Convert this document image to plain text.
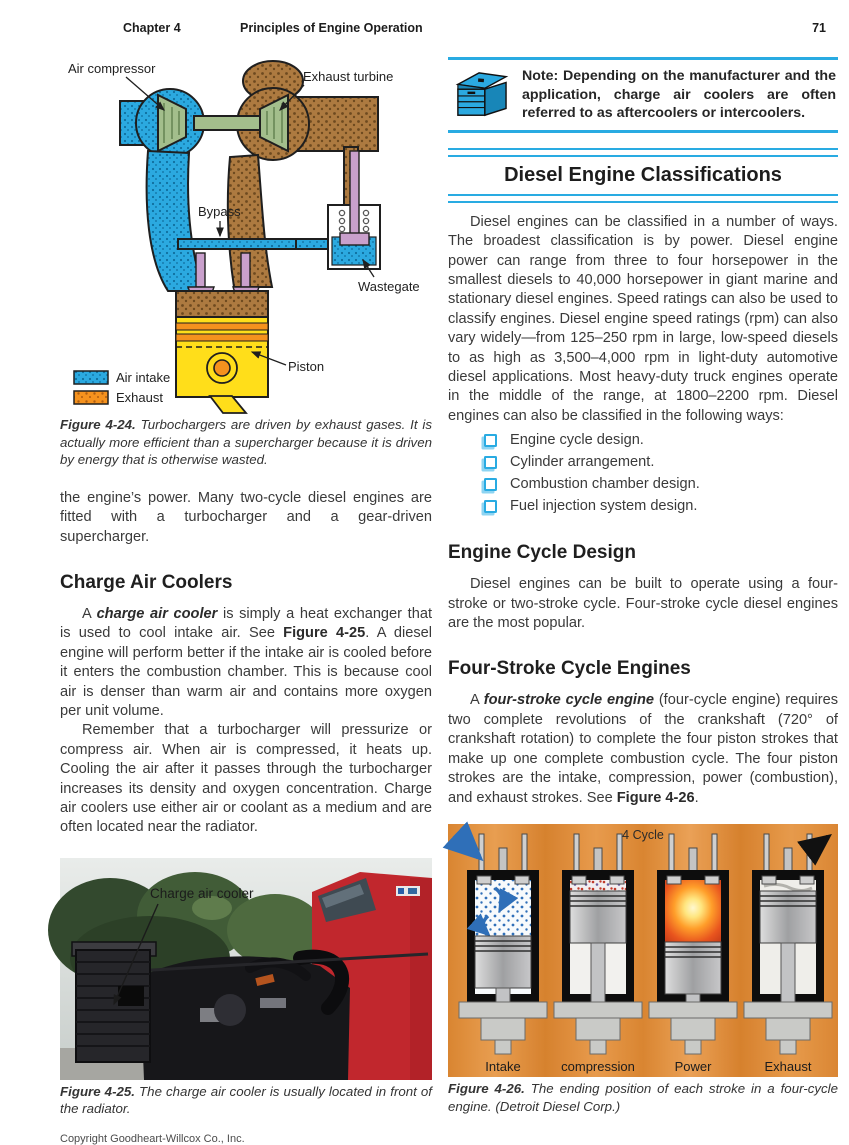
Chapter 4	Principles of Engine Operation	71
Air compressor
Exhaust turbine
Bypass
Wastegate
Piston
Air intake
Exhaust
Figure 4-24. Turbochargers are driven by exhaust gases. It is actually more efficient than a supercharger because it is driven by energy that is otherwise wasted.

the engine’s power. Many two-cycle diesel engines are fitted with a turbocharger and a gear-driven supercharger.

Charge Air Coolers

A charge air cooler is simply a heat exchanger that is used to cool intake air. See Figure 4-25. A diesel engine will perform better if the intake air is cooled before it enters the combustion chamber. This is because cool air is denser than warm air and contains more oxygen per unit volume.

Remember that a turbocharger will pressurize or compress air. When air is compressed, it heats up. Cooling the air after it passes through the turbocharger increases its density and oxygen concentration. Charge air coolers use either air or coolant as a medium and are often located near the radiator.

Charge air cooler
Figure 4-25. The charge air cooler is usually located in front of the radiator.
Copyright Goodheart-Willcox Co., Inc.
Note: Depending on the manufacturer and the application, charge air coolers are often referred to as aftercoolers or intercoolers.
Diesel Engine Classifications

Diesel engines can be classified in a number of ways. The broadest classification is by power. Diesel engine power can range from three to four horsepower in the smallest diesels to 40,000 horsepower in giant marine and stationary diesel engines. Speed ratings can also be used to classify engines. Diesel engine speed ratings (rpm) can also vary widely—from 125–250 rpm in large, low-speed diesels to as high as 3,500–4,000 rpm in light-duty automotive diesel applications. Most heavy-duty truck engines operate in the middle of the range, at 1800–2200 rpm. Diesel engines can also be classified in the following ways:

Engine cycle design.
Cylinder arrangement.
Combustion chamber design.
Fuel injection system design.
Engine Cycle Design

Diesel engines can be built to operate using a four-stroke or two-stroke cycle. Four-stroke cycle diesel engines are the most popular.

Four-Stroke Cycle Engines

A four-stroke cycle engine (four-cycle engine) requires two complete revolutions of the crankshaft (720° of crankshaft rotation) to complete the four piston strokes that make up one complete combustion cycle. The four piston strokes are the intake, compression, power (combustion), and exhaust strokes. See Figure 4-26.

4 Cycle
Intake	compression	Power	Exhaust
Figure 4-26. The ending position of each stroke in a four-cycle engine. (Detroit Diesel Corp.)
